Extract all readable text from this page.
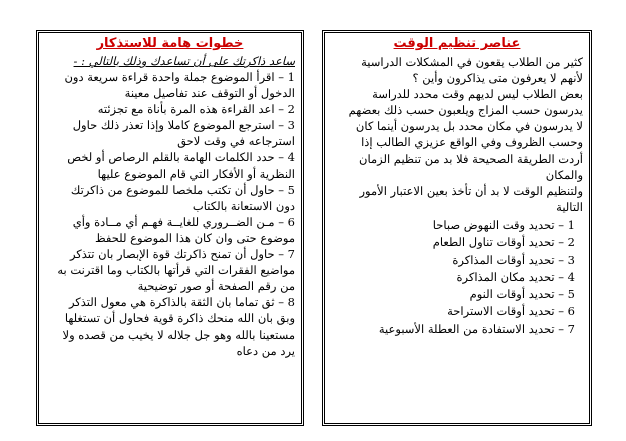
خطوات هامة للاستذكار
ساعد ذاكرتك على أن تساعدك وذلك بالتالي : -
1 – اقرأ الموضوع جملة واحدة قراءة سريعة دون
الدخول أو التوقف عند تفاصيل معينة
2 – اعد القراءة هذه المرة بأناة مع تجزئته
3 – استرجع الموضوع كاملا وإذا تعذر ذلك حاول
استرجاعه في وقت لاحق
4 – حدد الكلمات الهامة بالقلم الرصاص أو لخص
النظرية أو الأفكار التي قام الموضوع عليها
5 – حاول أن تكتب ملخصا للموضوع من ذاكرتك
دون الاستعانة بالكتاب
6 – مـن الضــروري للغايــة فهـم أي مــادة وأي
موضوع حتى وان كان هذا الموضوع للحفظ
7 – حاول أن تمنح ذاكرتك قوة الإبصار بان تتذكر
مواضيع الفقرات التي قرأتها بالكتاب وما اقترنت به
من رقم الصفحة أو صور توضيحية
8 – ثق تماما بان الثقة بالذاكرة هي معول التذكر
وبق بان الله منحك ذاكرة قوية فحاول أن تستغلها
مستعينا بالله وهو جل جلاله لا يخيب من قصده ولا
يرد من دعاه
عناصر تنظيم الوقت
كثير من الطلاب يقعون في المشكلات الدراسية
لأنهم لا يعرفون متى يذاكرون وأين ؟
بعض الطلاب ليس لديهم وقت محدد للدراسة
يدرسون حسب المزاج ويلعبون حسب ذلك بعضهم
لا يدرسون في مكان محدد بل يدرسون أينما كان
وحسب الظروف وفي الواقع عزيزي الطالب إذا
أردت الطريقة الصحيحة فلا بد من تنظيم الزمان
والمكان
ولتنظيم الوقت لا بد أن تأخذ بعين الاعتبار الأمور
التالية
1 – تحديد وقت النهوض صباحا
2 – تحديد أوقات تناول الطعام
3 – تحديد أوقات المذاكرة
4 – تحديد مكان المذاكرة
5 – تحديد أوقات النوم
6 – تحديد أوقات الاستراحة
7 – تحديد الاستفادة من العطلة الأسبوعية
